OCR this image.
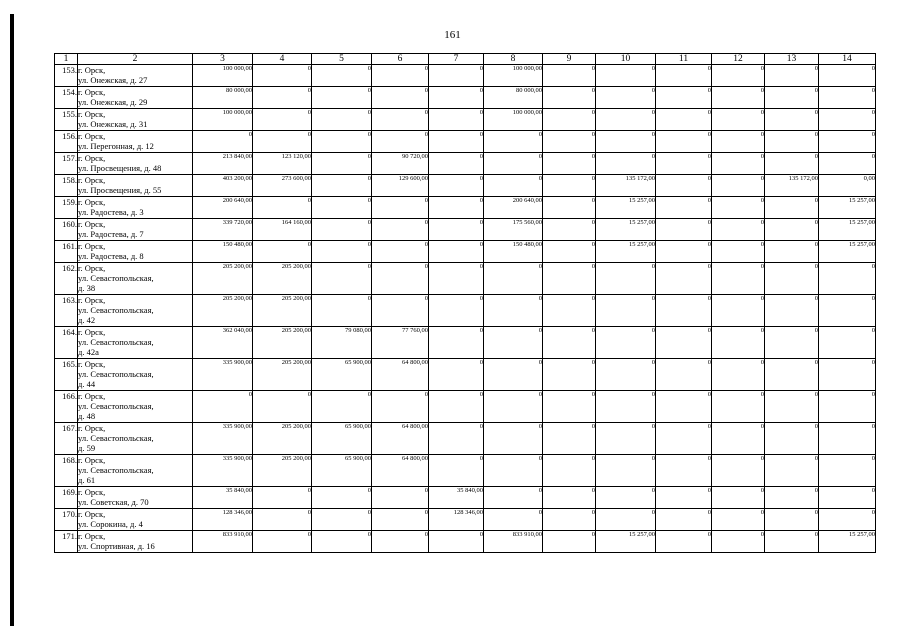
161
1	2	3	4	5	6	7	8	9	10	11	12	13	14
153.	г. Орск,
ул. Онежская, д. 27	100 000,00	0	0	0	0	100 000,00	0	0	0	0	0	0
154.	г. Орск,
ул. Онежская, д. 29	80 000,00	0	0	0	0	80 000,00	0	0	0	0	0	0
155.	г. Орск,
ул. Онежская, д. 31	100 000,00	0	0	0	0	100 000,00	0	0	0	0	0	0
156.	г. Орск,
ул. Перегонная, д. 12	0	0	0	0	0	0	0	0	0	0	0	0
157.	г. Орск,
ул. Просвещения, д. 48	213 840,00	123 120,00	0	90 720,00	0	0	0	0	0	0	0	0
158.	г. Орск,
ул. Просвещения, д. 55	403 200,00	273 600,00	0	129 600,00	0	0	0	135 172,00	0	0	135 172,00	0,00
159.	г. Орск,
ул. Радостева, д. 3	200 640,00	0	0	0	0	200 640,00	0	15 257,00	0	0	0	15 257,00
160.	г. Орск,
ул. Радостева, д. 7	339 720,00	164 160,00	0	0	0	175 560,00	0	15 257,00	0	0	0	15 257,00
161.	г. Орск,
ул. Радостева, д. 8	150 480,00	0	0	0	0	150 480,00	0	15 257,00	0	0	0	15 257,00
162.	г. Орск,
ул. Севастопольская,
д. 38	205 200,00	205 200,00	0	0	0	0	0	0	0	0	0	0
163.	г. Орск,
ул. Севастопольская,
д. 42	205 200,00	205 200,00	0	0	0	0	0	0	0	0	0	0
164.	г. Орск,
ул. Севастопольская,
д. 42а	362 040,00	205 200,00	79 080,00	77 760,00	0	0	0	0	0	0	0	0
165.	г. Орск,
ул. Севастопольская,
д. 44	335 900,00	205 200,00	65 900,00	64 800,00	0	0	0	0	0	0	0	0
166.	г. Орск,
ул. Севастопольская,
д. 48	0	0	0	0	0	0	0	0	0	0	0	0
167.	г. Орск,
ул. Севастопольская,
д. 59	335 900,00	205 200,00	65 900,00	64 800,00	0	0	0	0	0	0	0	0
168.	г. Орск,
ул. Севастопольская,
д. 61	335 900,00	205 200,00	65 900,00	64 800,00	0	0	0	0	0	0	0	0
169.	г. Орск,
ул. Советская, д. 70	35 840,00	0	0	0	35 840,00	0	0	0	0	0	0	0
170.	г. Орск,
ул. Сорокина, д. 4	128 346,00	0	0	0	128 346,00	0	0	0	0	0	0	0
171.	г. Орск,
ул. Спортивная, д. 16	833 910,00	0	0	0	0	833 910,00	0	15 257,00	0	0	0	15 257,00
